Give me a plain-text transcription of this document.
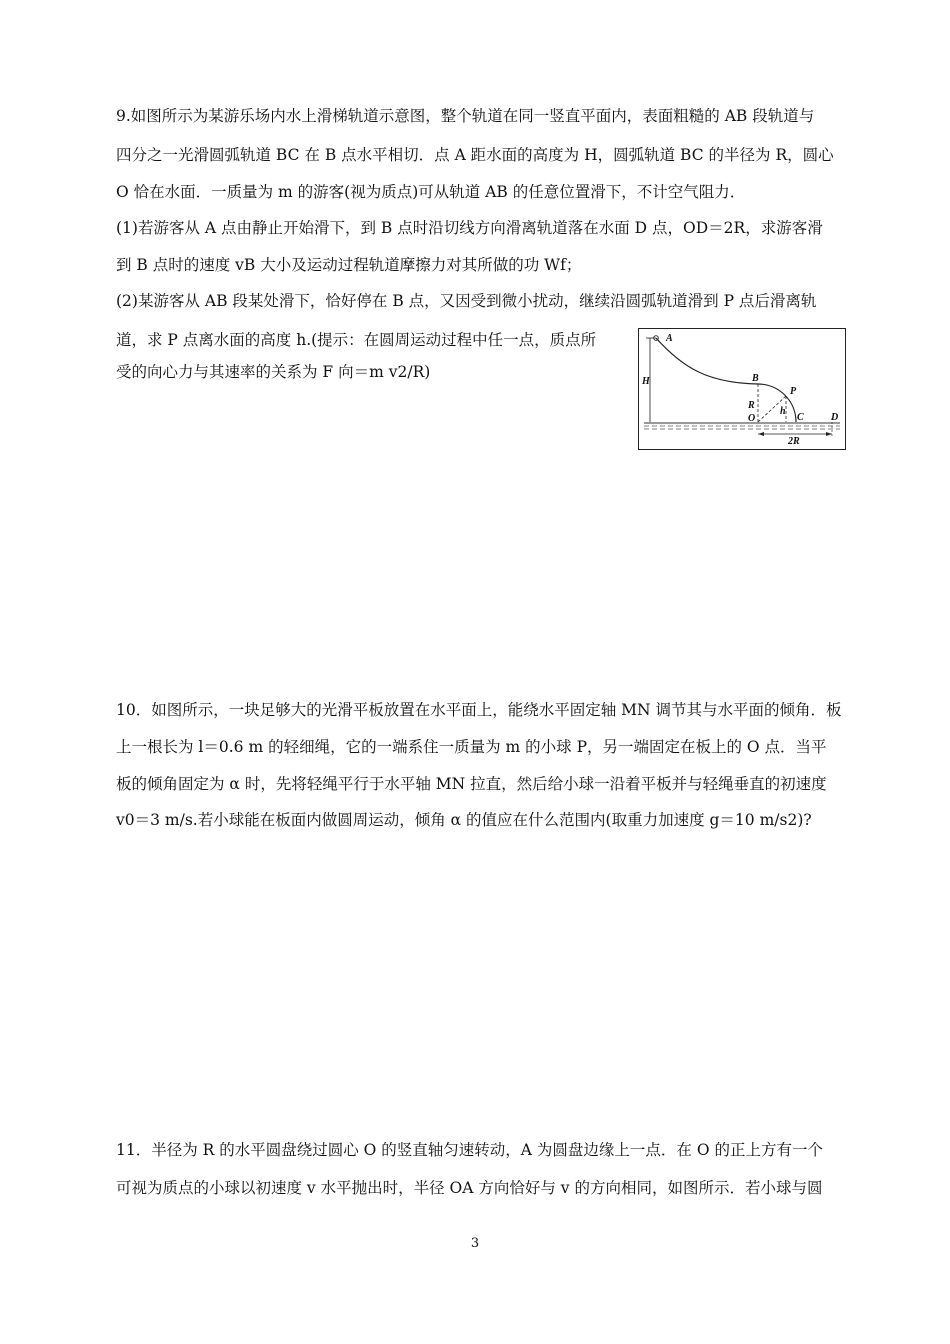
9.如图所示为某游乐场内水上滑梯轨道示意图，整个轨道在同一竖直平面内，表面粗糙的 AB 段轨道与
四分之一光滑圆弧轨道 BC 在 B 点水平相切．点 A 距水面的高度为 H，圆弧轨道 BC 的半径为 R，圆心
O 恰在水面．一质量为 m 的游客(视为质点)可从轨道 AB 的任意位置滑下，不计空气阻力．
(1)若游客从 A 点由静止开始滑下，到 B 点时沿切线方向滑离轨道落在水面 D 点，OD＝2R，求游客滑
到 B 点时的速度 vB 大小及运动过程轨道摩擦力对其所做的功 Wf；
(2)某游客从 AB 段某处滑下，恰好停在 B 点，又因受到微小扰动，继续沿圆弧轨道滑到 P 点后滑离轨
道，求 P 点离水面的高度 h.(提示：在圆周运动过程中任一点，质点所
受的向心力与其速率的关系为 F 向＝m v2/R)
A
H	B
P
R
h
O	C	D
2R
10．如图所示，一块足够大的光滑平板放置在水平面上，能绕水平固定轴 MN 调节其与水平面的倾角．板
上一根长为 l＝0.6 m 的轻细绳，它的一端系住一质量为 m 的小球 P，另一端固定在板上的 O 点．当平
板的倾角固定为 α 时，先将轻绳平行于水平轴 MN 拉直，然后给小球一沿着平板并与轻绳垂直的初速度
v0＝3 m/s.若小球能在板面内做圆周运动，倾角 α 的值应在什么范围内(取重力加速度 g＝10 m/s2)?
11．半径为 R 的水平圆盘绕过圆心 O 的竖直轴匀速转动，A 为圆盘边缘上一点．在 O 的正上方有一个
可视为质点的小球以初速度 v 水平抛出时，半径 OA 方向恰好与 v 的方向相同，如图所示．若小球与圆
3
